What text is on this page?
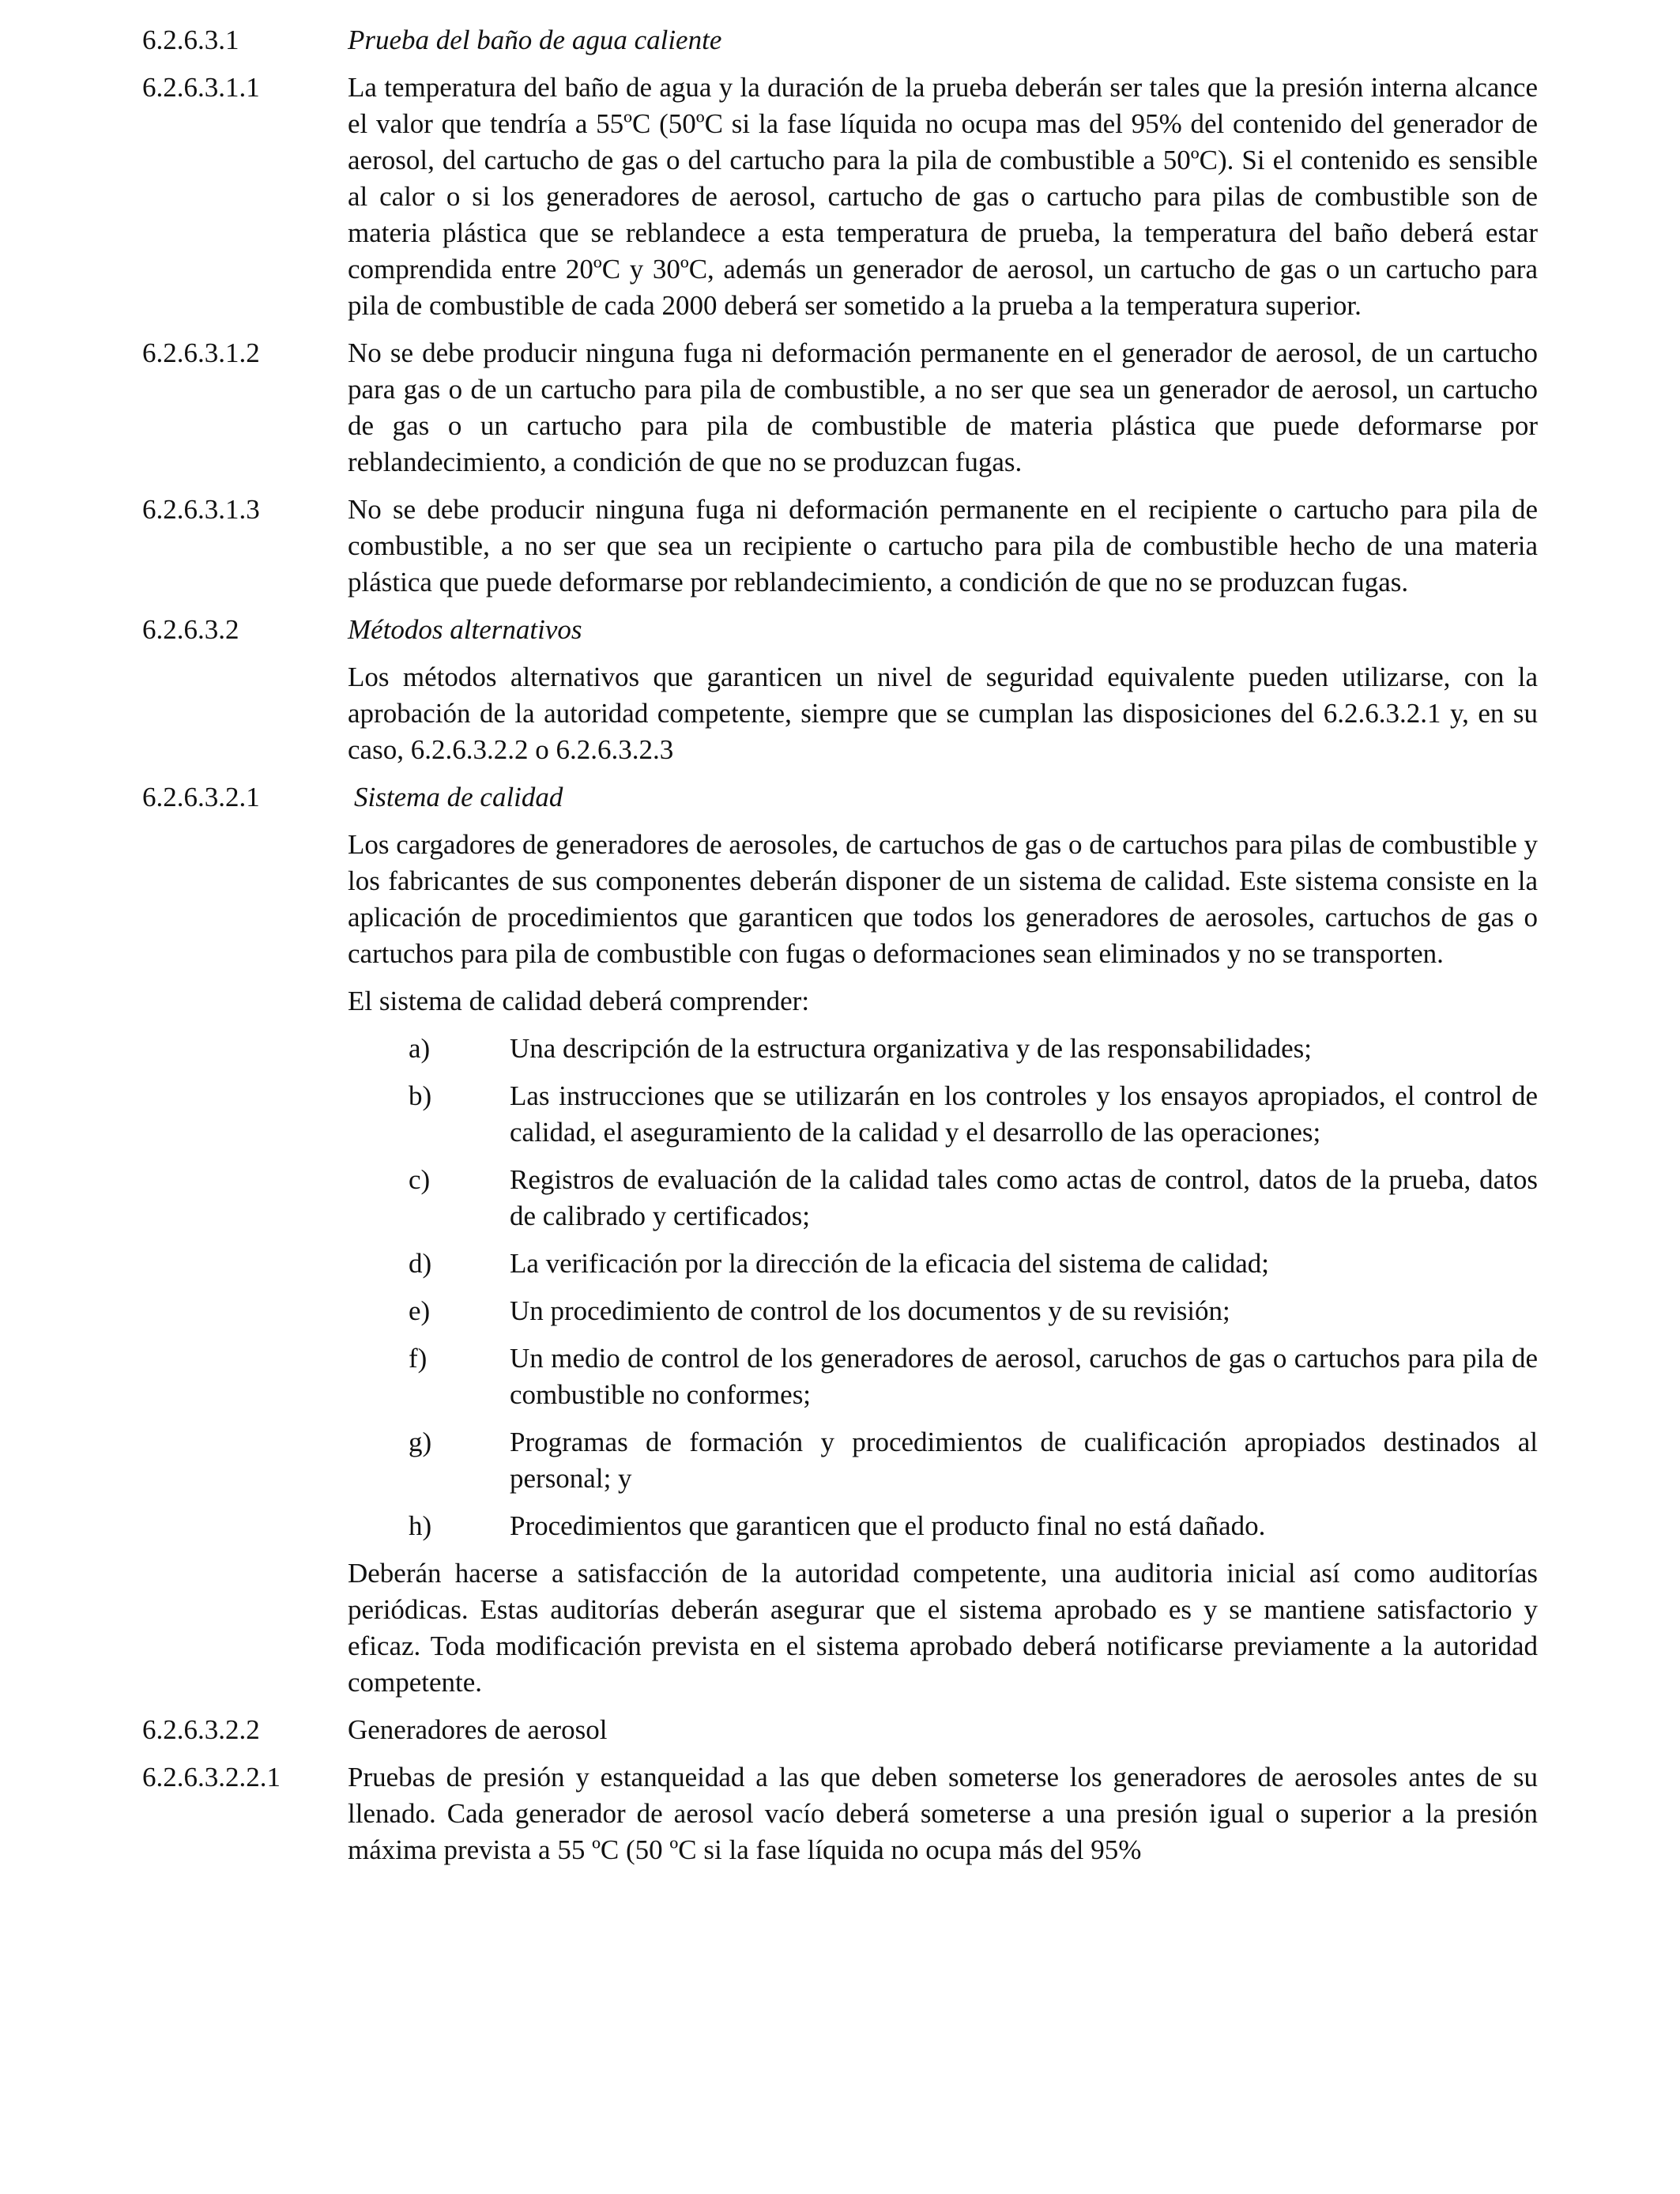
6.2.6.3.1	Prueba del baño de agua caliente

6.2.6.3.1.1	La temperatura del baño de agua y la duración de la prueba deberán ser tales que la presión interna alcance el valor que tendría a 55ºC (50ºC si la fase líquida no ocupa mas del 95% del contenido del generador de aerosol, del cartucho de gas o del cartucho para la pila de combustible a 50ºC). Si el contenido es sensible al calor o si los generadores de aerosol, cartucho de gas o cartucho para pilas de combustible son de materia plástica que se reblandece a esta temperatura de prueba, la temperatura del baño deberá estar comprendida entre 20ºC y 30ºC, además un generador de aerosol, un cartucho de gas o un cartucho para pila de combustible de cada 2000 deberá ser sometido a la prueba a la temperatura superior.

6.2.6.3.1.2	No se debe producir ninguna fuga ni deformación permanente en el generador de aerosol, de un cartucho para gas o de un cartucho para pila de combustible, a no ser que sea un generador de aerosol, un cartucho de gas o un cartucho para pila de combustible de materia plástica que puede deformarse por reblandecimiento, a condición de que no se produzcan fugas.

6.2.6.3.1.3	No se debe producir ninguna fuga ni deformación permanente en el recipiente o cartucho para pila de combustible, a no ser que sea un recipiente o cartucho para pila de combustible hecho de una materia plástica que puede deformarse por reblandecimiento, a condición de que no se produzcan fugas.

6.2.6.3.2	Métodos alternativos

Los métodos alternativos que garanticen un nivel de seguridad equivalente pueden utilizarse, con la aprobación de la autoridad competente, siempre que se cumplan las disposiciones del 6.2.6.3.2.1 y, en su caso, 6.2.6.3.2.2 o 6.2.6.3.2.3

6.2.6.3.2.1	Sistema de calidad

Los cargadores de generadores de aerosoles, de cartuchos de gas o de cartuchos para pilas de combustible y los fabricantes de sus componentes deberán disponer de un sistema de calidad. Este sistema consiste en la aplicación de procedimientos que garanticen que todos los generadores de aerosoles, cartuchos de gas o cartuchos para pila de combustible con fugas o deformaciones sean eliminados y no se transporten.

El sistema de calidad deberá comprender:

a)	Una descripción de la estructura organizativa y de las responsabilidades;
b)	Las instrucciones que se utilizarán en los controles y los ensayos apropiados, el control de calidad, el aseguramiento de la calidad y el desarrollo de las operaciones;
c)	Registros de evaluación de la calidad tales como actas de control, datos de la prueba, datos de calibrado y certificados;
d)	La verificación por la dirección de la eficacia del sistema de calidad;
e)	Un procedimiento de control de los documentos y de su revisión;
f)	Un medio de control de los generadores de aerosol, caruchos de gas o cartuchos para pila de combustible no conformes;
g)	Programas de formación y procedimientos de cualificación apropiados destinados al personal; y
h)	Procedimientos que garanticen que el producto final no está dañado.

Deberán hacerse a satisfacción de la autoridad competente, una auditoria inicial así como auditorías periódicas. Estas auditorías deberán asegurar que el sistema aprobado es y se mantiene satisfactorio y eficaz. Toda modificación prevista en el sistema aprobado deberá notificarse previamente a la autoridad competente.

6.2.6.3.2.2	Generadores de aerosol

6.2.6.3.2.2.1	Pruebas de presión y estanqueidad a las que deben someterse los generadores de aerosoles antes de su llenado. Cada generador de aerosol vacío deberá someterse a una presión igual o superior a la presión máxima prevista a 55 ºC (50 ºC si la fase líquida no ocupa más del 95%
